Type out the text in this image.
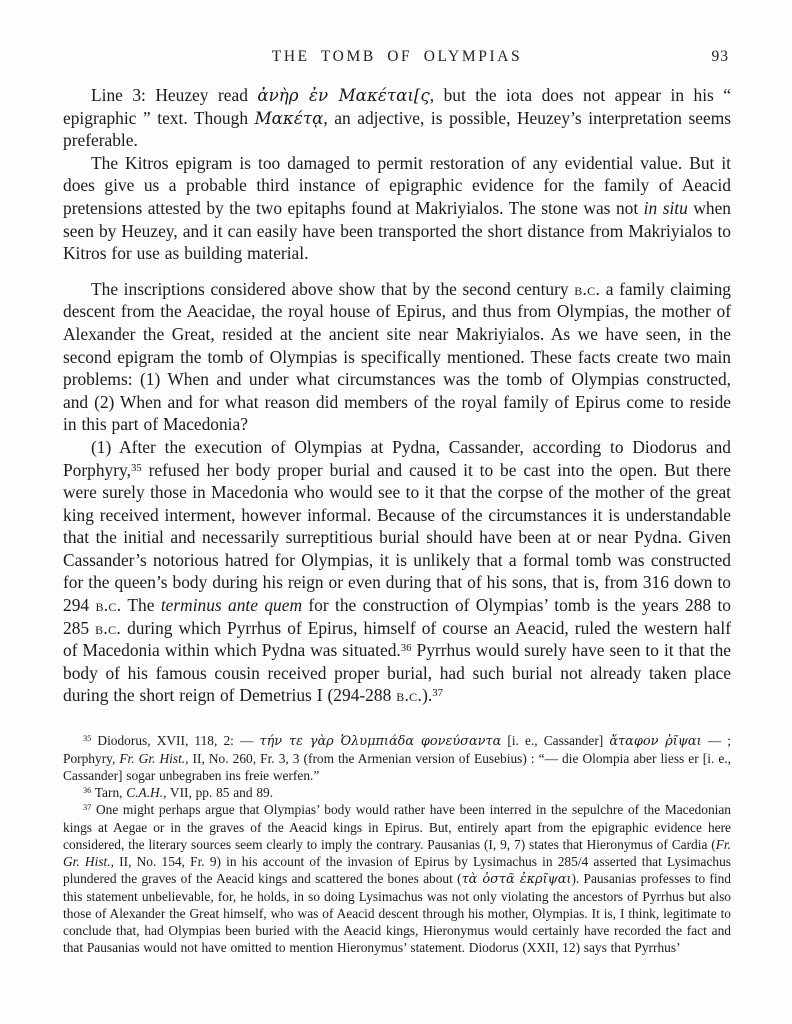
THE TOMB OF OLYMPIAS	93

Line 3: Heuzey read ἀνὴρ ἐν Μακέται[ς, but the iota does not appear in his “ epigraphic ” text. Though Μακέτᾳ, an adjective, is possible, Heuzey’s interpretation seems preferable.

The Kitros epigram is too damaged to permit restoration of any evidential value. But it does give us a probable third instance of epigraphic evidence for the family of Aeacid pretensions attested by the two epitaphs found at Makriyialos. The stone was not in situ when seen by Heuzey, and it can easily have been transported the short distance from Makriyialos to Kitros for use as building material.

The inscriptions considered above show that by the second century b.c. a family claiming descent from the Aeacidae, the royal house of Epirus, and thus from Olympias, the mother of Alexander the Great, resided at the ancient site near Makriyialos. As we have seen, in the second epigram the tomb of Olympias is specifically mentioned. These facts create two main problems: (1) When and under what circumstances was the tomb of Olympias constructed, and (2) When and for what reason did members of the royal family of Epirus come to reside in this part of Macedonia?

(1) After the execution of Olympias at Pydna, Cassander, according to Diodorus and Porphyry,$^{35}$ refused her body proper burial and caused it to be cast into the open. But there were surely those in Macedonia who would see to it that the corpse of the mother of the great king received interment, however informal. Because of the circumstances it is understandable that the initial and necessarily surreptitious burial should have been at or near Pydna. Given Cassander’s notorious hatred for Olympias, it is unlikely that a formal tomb was constructed for the queen’s body during his reign or even during that of his sons, that is, from 316 down to 294 b.c. The terminus ante quem for the construction of Olympias’ tomb is the years 288 to 285 b.c. during which Pyrrhus of Epirus, himself of course an Aeacid, ruled the western half of Macedonia within which Pydna was situated.$^{36}$ Pyrrhus would surely have seen to it that the body of his famous cousin received proper burial, had such burial not already taken place during the short reign of Demetrius I (294-288 b.c.).$^{37}$

$^{35}$ Diodorus, XVII, 118, 2: — τήν τε γὰρ Ὀλυμπιάδα φονεύσαντα [i. e., Cassander] ἄταφον ῥῖψαι — ; Porphyry, Fr. Gr. Hist., II, No. 260, Fr. 3, 3 (from the Armenian version of Eusebius) : “— die Olompia aber liess er [i. e., Cassander] sogar unbegraben ins freie werfen.”

$^{36}$ Tarn, C.A.H., VII, pp. 85 and 89.

$^{37}$ One might perhaps argue that Olympias’ body would rather have been interred in the sepulchre of the Macedonian kings at Aegae or in the graves of the Aeacid kings in Epirus. But, entirely apart from the epigraphic evidence here considered, the literary sources seem clearly to imply the contrary. Pausanias (I, 9, 7) states that Hieronymus of Cardia (Fr. Gr. Hist., II, No. 154, Fr. 9) in his account of the invasion of Epirus by Lysimachus in 285/4 asserted that Lysimachus plundered the graves of the Aeacid kings and scattered the bones about (τὰ ὀστᾶ ἐκρῖψαι). Pausanias professes to find this statement unbelievable, for, he holds, in so doing Lysimachus was not only violating the ancestors of Pyrrhus but also those of Alexander the Great himself, who was of Aeacid descent through his mother, Olympias. It is, I think, legitimate to conclude that, had Olympias been buried with the Aeacid kings, Hieronymus would certainly have recorded the fact and that Pausanias would not have omitted to mention Hieronymus’ statement. Diodorus (XXII, 12) says that Pyrrhus’
